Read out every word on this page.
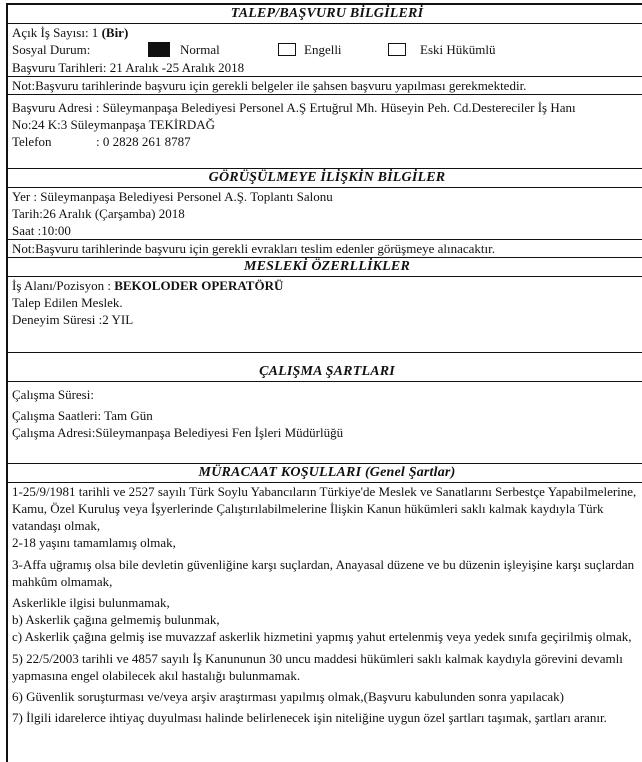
TALEP/BAŞVURU BİLGİLERİ
Açık İş Sayısı: 1 (Bir)
Sosyal Durum:	Normal	Engelli	Eski Hükümlü
Başvuru Tarihleri: 21 Aralık -25 Aralık 2018
Not:Başvuru tarihlerinde başvuru için gerekli belgeler ile şahsen başvuru yapılması gerekmektedir.
Başvuru Adresi : Süleymanpaşa Belediyesi Personel A.Ş Ertuğrul Mh. Hüseyin Peh. Cd.Destereciler İş Hanı
No:24 K:3 Süleymanpaşa TEKİRDAĞ
Telefon	: 0 2828 261 8787
GÖRÜŞÜLMEYE İLİŞKİN BİLGİLER
Yer : Süleymanpaşa Belediyesi Personel A.Ş. Toplantı Salonu
Tarih:26 Aralık (Çarşamba) 2018
Saat :10:00
Not:Başvuru tarihlerinde başvuru için gerekli evrakları teslim edenler görüşmeye alınacaktır.
MESLEKİ ÖZERLLİKLER
İş Alanı/Pozisyon : BEKOLODER OPERATÖRÜ
Talep Edilen Meslek.
Deneyim Süresi :2 YIL
ÇALIŞMA ŞARTLARI
Çalışma Süresi:
Çalışma Saatleri: Tam Gün
Çalışma Adresi:Süleymanpaşa Belediyesi Fen İşleri Müdürlüğü
MÜRACAAT KOŞULLARI (Genel Şartlar)
1-25/9/1981 tarihli ve 2527 sayılı Türk Soylu Yabancıların Türkiye'de Meslek ve Sanatlarını Serbestçe Yapabilmelerine, Kamu, Özel Kuruluş veya İşyerlerinde Çalıştırılabilmelerine İlişkin Kanun hükümleri saklı kalmak kaydıyla Türk vatandaşı olmak,
2-18 yaşını tamamlamış olmak,
3-Affa uğramış olsa bile devletin güvenliğine karşı suçlardan, Anayasal düzene ve bu düzenin işleyişine karşı suçlardan mahkûm olmamak,
Askerlikle ilgisi bulunmamak,
b) Askerlik çağına gelmemiş bulunmak,
c) Askerlik çağına gelmiş ise muvazzaf askerlik hizmetini yapmış yahut ertelenmiş veya yedek sınıfa geçirilmiş olmak,
5) 22/5/2003 tarihli ve 4857 sayılı İş Kanununun 30 uncu maddesi hükümleri saklı kalmak kaydıyla görevini devamlı yapmasına engel olabilecek akıl hastalığı bulunmamak.
6) Güvenlik soruşturması ve/veya arşiv araştırması yapılmış olmak,(Başvuru kabulunden sonra yapılacak)
7) İlgili idarelerce ihtiyaç duyulması halinde belirlenecek işin niteliğine uygun özel şartları taşımak, şartları aranır.
